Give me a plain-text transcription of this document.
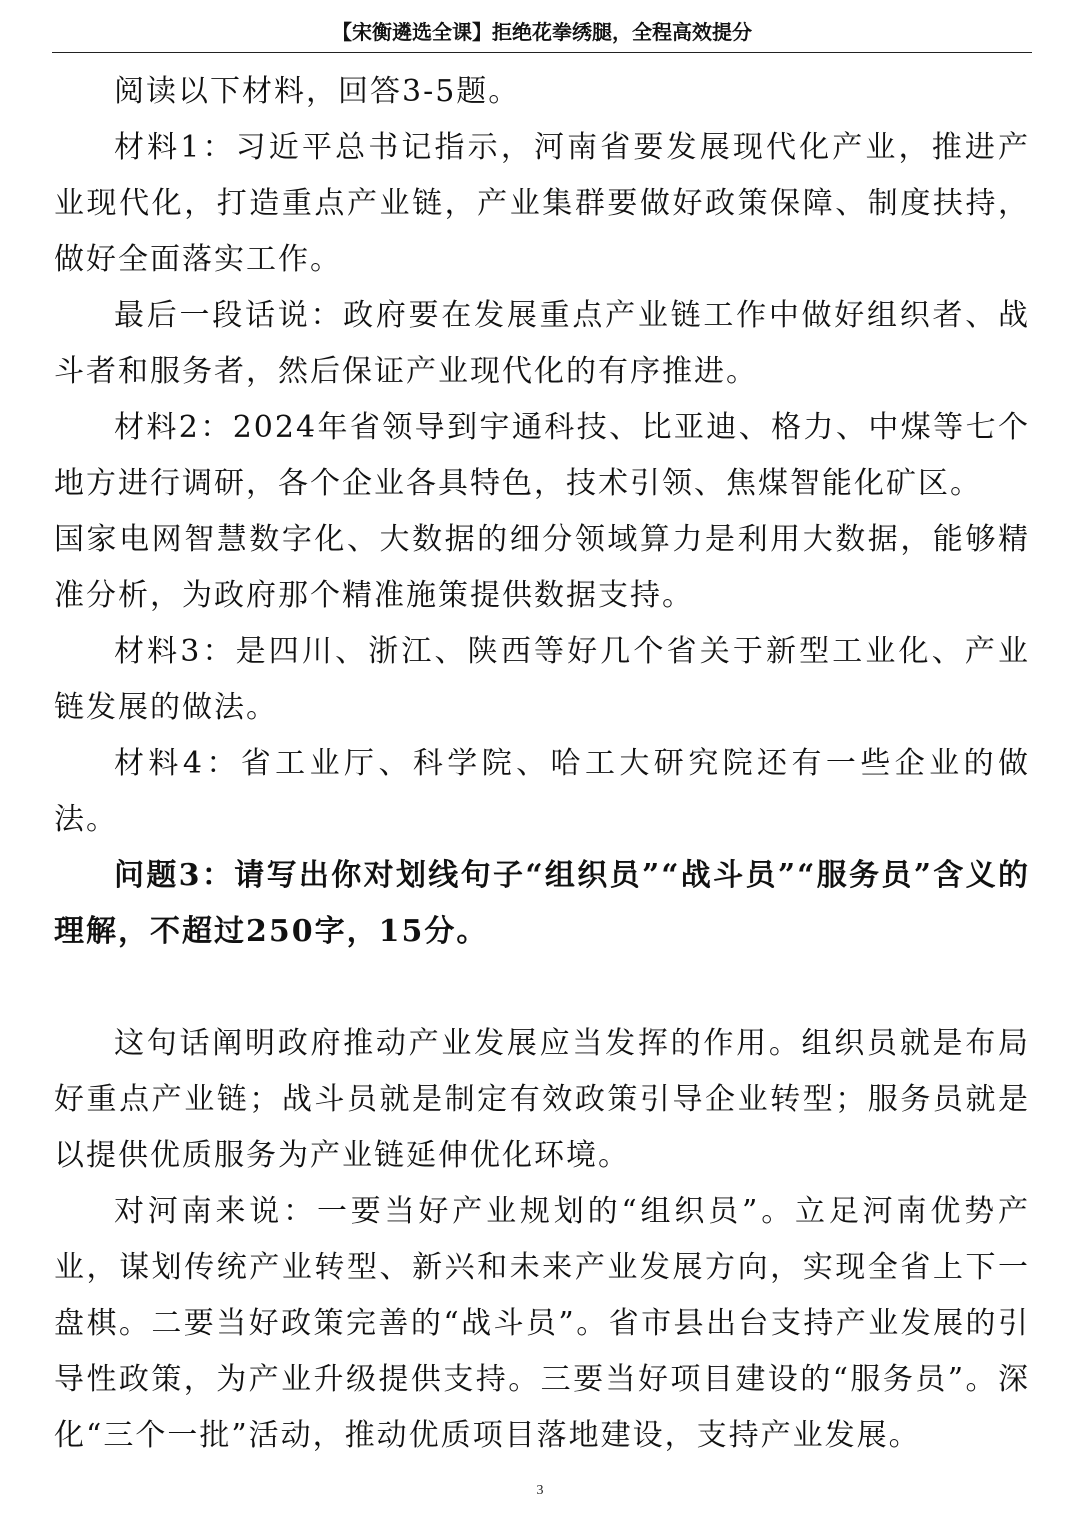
【宋衡遴选全课】拒绝花拳绣腿，全程高效提分

阅读以下材料，回答3-5题。

材料1：习近平总书记指示，河南省要发展现代化产业，推进产业现代化，打造重点产业链，产业集群要做好政策保障、制度扶持，做好全面落实工作。

最后一段话说：政府要在发展重点产业链工作中做好组织者、战斗者和服务者，然后保证产业现代化的有序推进。

材料2：2024年省领导到宇通科技、比亚迪、格力、中煤等七个地方进行调研，各个企业各具特色，技术引领、焦煤智能化矿区。

国家电网智慧数字化、大数据的细分领域算力是利用大数据，能够精准分析，为政府那个精准施策提供数据支持。

材料3：是四川、浙江、陕西等好几个省关于新型工业化、产业链发展的做法。

材料4：省工业厅、科学院、哈工大研究院还有一些企业的做法。

问题3：请写出你对划线句子“组织员”“战斗员”“服务员”含义的理解，不超过250字，15分。

这句话阐明政府推动产业发展应当发挥的作用。组织员就是布局好重点产业链；战斗员就是制定有效政策引导企业转型；服务员就是以提供优质服务为产业链延伸优化环境。

对河南来说：一要当好产业规划的“组织员”。立足河南优势产业，谋划传统产业转型、新兴和未来产业发展方向，实现全省上下一盘棋。二要当好政策完善的“战斗员”。省市县出台支持产业发展的引导性政策，为产业升级提供支持。三要当好项目建设的“服务员”。深化“三个一批”活动，推动优质项目落地建设，支持产业发展。

3
